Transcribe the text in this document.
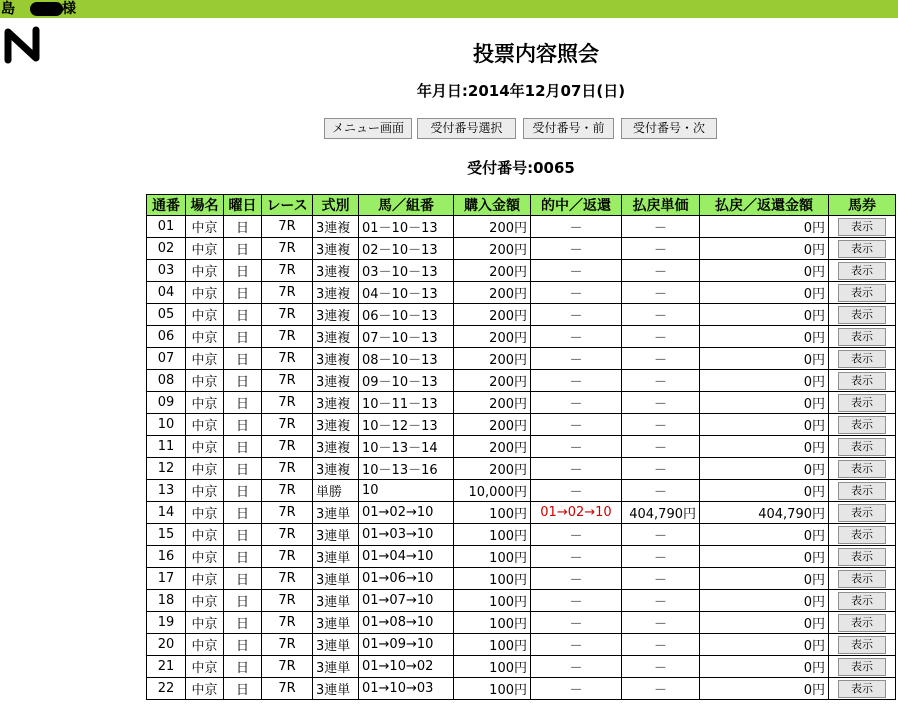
島	様
投票内容照会
年月日:2014年12月07日(日)
メニュー画面	受付番号選択	受付番号・前	受付番号・次
受付番号:0065
通番	場名	曜日	レース	式別	馬／組番	購入金額	的中／返還	払戻単価	払戻／返還金額	馬券
01	中京	日	7R	3連複	01－10－13	200円	－	－	0円	表示
02	中京	日	7R	3連複	02－10－13	200円	－	－	0円	表示
03	中京	日	7R	3連複	03－10－13	200円	－	－	0円	表示
04	中京	日	7R	3連複	04－10－13	200円	－	－	0円	表示
05	中京	日	7R	3連複	06－10－13	200円	－	－	0円	表示
06	中京	日	7R	3連複	07－10－13	200円	－	－	0円	表示
07	中京	日	7R	3連複	08－10－13	200円	－	－	0円	表示
08	中京	日	7R	3連複	09－10－13	200円	－	－	0円	表示
09	中京	日	7R	3連複	10－11－13	200円	－	－	0円	表示
10	中京	日	7R	3連複	10－12－13	200円	－	－	0円	表示
11	中京	日	7R	3連複	10－13－14	200円	－	－	0円	表示
12	中京	日	7R	3連複	10－13－16	200円	－	－	0円	表示
13	中京	日	7R	単勝	10	10,000円	－	－	0円	表示
14	中京	日	7R	3連単	01→02→10	100円	01→02→10	404,790円	404,790円	表示
15	中京	日	7R	3連単	01→03→10	100円	－	－	0円	表示
16	中京	日	7R	3連単	01→04→10	100円	－	－	0円	表示
17	中京	日	7R	3連単	01→06→10	100円	－	－	0円	表示
18	中京	日	7R	3連単	01→07→10	100円	－	－	0円	表示
19	中京	日	7R	3連単	01→08→10	100円	－	－	0円	表示
20	中京	日	7R	3連単	01→09→10	100円	－	－	0円	表示
21	中京	日	7R	3連単	01→10→02	100円	－	－	0円	表示
22	中京	日	7R	3連単	01→10→03	100円	－	－	0円	表示
